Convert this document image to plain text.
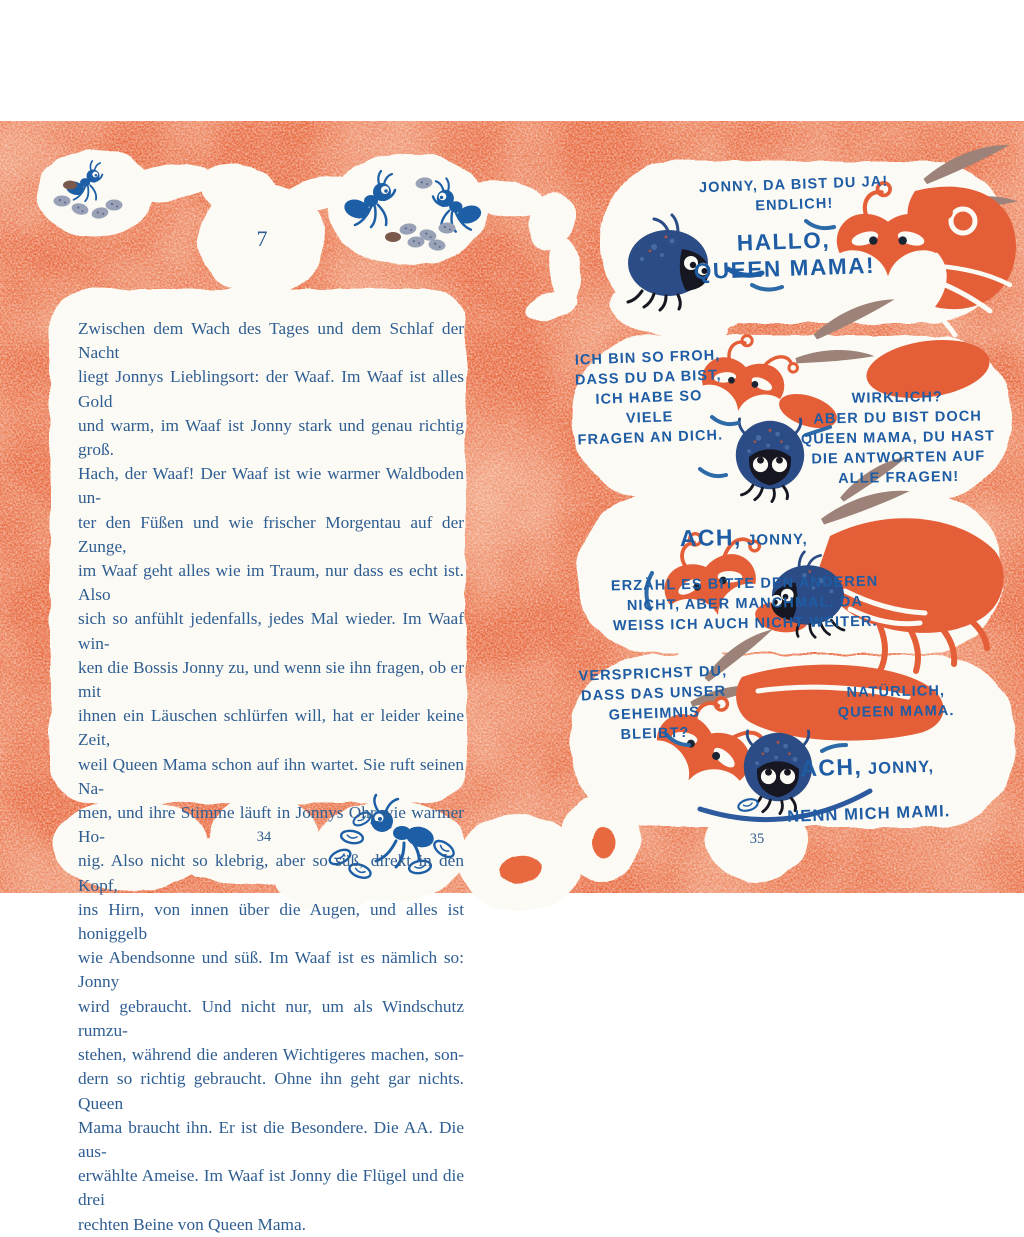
7
Zwischen dem Wach des Tages und dem Schlaf der Nacht
liegt Jonnys Lieblingsort: der Waaf. Im Waaf ist alles Gold
und warm, im Waaf ist Jonny stark und genau richtig groß.
Hach, der Waaf! Der Waaf ist wie warmer Waldboden un-
ter den Füßen und wie frischer Morgentau auf der Zunge,
im Waaf geht alles wie im Traum, nur dass es echt ist. Also
sich so anfühlt jedenfalls, jedes Mal wieder. Im Waaf win-
ken die Bossis Jonny zu, und wenn sie ihn fragen, ob er mit
ihnen ein Läuschen schlürfen will, hat er leider keine Zeit,
weil Queen Mama schon auf ihn wartet. Sie ruft seinen Na-
men, und ihre Stimme läuft in Jonnys Ohr wie warmer Ho-
nig. Also nicht so klebrig, aber so süß, direkt in den Kopf,
ins Hirn, von innen über die Augen, und alles ist honiggelb
wie Abendsonne und süß. Im Waaf ist es nämlich so: Jonny
wird gebraucht. Und nicht nur, um als Windschutz rumzu-
stehen, während die anderen Wichtigeres machen, son-
dern so richtig gebraucht. Ohne ihn geht gar nichts. Queen
Mama braucht ihn. Er ist die Besondere. Die AA. Die aus-
erwählte Ameise. Im Waaf ist Jonny die Flügel und die drei
rechten Beine von Queen Mama.
34	35
JONNY, DA BIST DU JA!
ENDLICH!
HALLO,
QUEEN MAMA!
ICH BIN SO FROH,
DASS DU DA BIST,
ICH HABE SO VIELE
FRAGEN AN DICH.
WIRKLICH?
ABER DU BIST DOCH
QUEEN MAMA, DU HAST
DIE ANTWORTEN AUF
ALLE FRAGEN!

ACH, JONNY,

ERZÄHL ES BITTE DEN ANDEREN
NICHT, ABER MANCHMAL, DA
WEISS ICH AUCH NICHT WEITER.

VERSPRICHST DU,
DASS DAS UNSER
GEHEIMNIS BLEIBT?
NATÜRLICH,
QUEEN MAMA.

ACH, JONNY,

NENN MICH MAMI.
